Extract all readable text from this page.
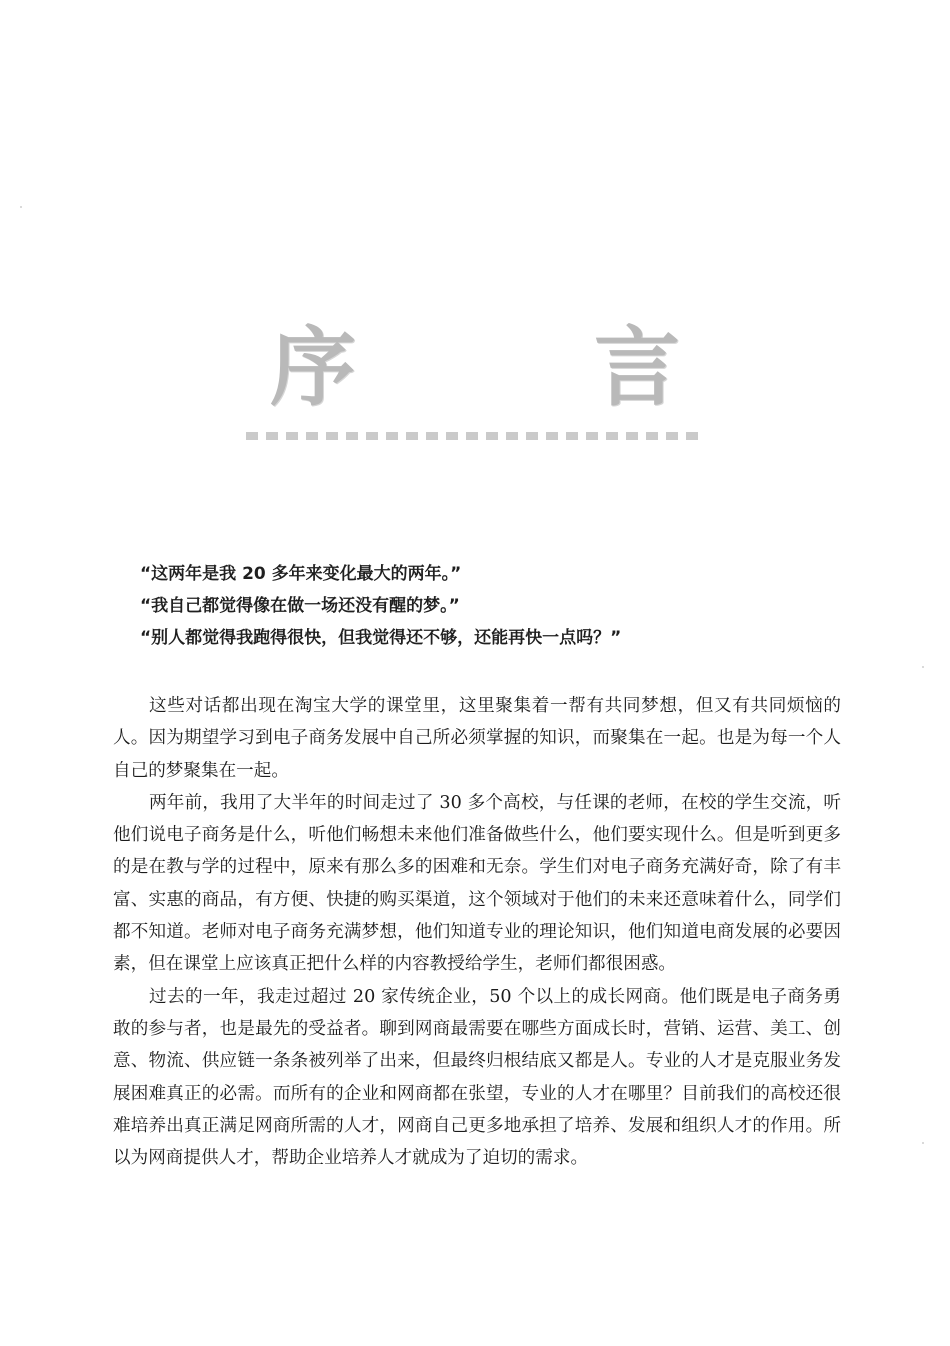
序　言

“这两年是我 20 多年来变化最大的两年。”

“我自己都觉得像在做一场还没有醒的梦。”

“别人都觉得我跑得很快，但我觉得还不够，还能再快一点吗？”

这些对话都出现在淘宝大学的课堂里，这里聚集着一帮有共同梦想，但又有共同烦恼的人。因为期望学习到电子商务发展中自己所必须掌握的知识，而聚集在一起。也是为每一个人自己的梦聚集在一起。

两年前，我用了大半年的时间走过了 30 多个高校，与任课的老师，在校的学生交流，听他们说电子商务是什么，听他们畅想未来他们准备做些什么，他们要实现什么。但是听到更多的是在教与学的过程中，原来有那么多的困难和无奈。学生们对电子商务充满好奇，除了有丰富、实惠的商品，有方便、快捷的购买渠道，这个领域对于他们的未来还意味着什么，同学们都不知道。老师对电子商务充满梦想，他们知道专业的理论知识，他们知道电商发展的必要因素，但在课堂上应该真正把什么样的内容教授给学生，老师们都很困惑。

过去的一年，我走过超过 20 家传统企业，50 个以上的成长网商。他们既是电子商务勇敢的参与者，也是最先的受益者。聊到网商最需要在哪些方面成长时，营销、运营、美工、创意、物流、供应链一条条被列举了出来，但最终归根结底又都是人。专业的人才是克服业务发展困难真正的必需。而所有的企业和网商都在张望，专业的人才在哪里？目前我们的高校还很难培养出真正满足网商所需的人才，网商自己更多地承担了培养、发展和组织人才的作用。所以为网商提供人才，帮助企业培养人才就成为了迫切的需求。
